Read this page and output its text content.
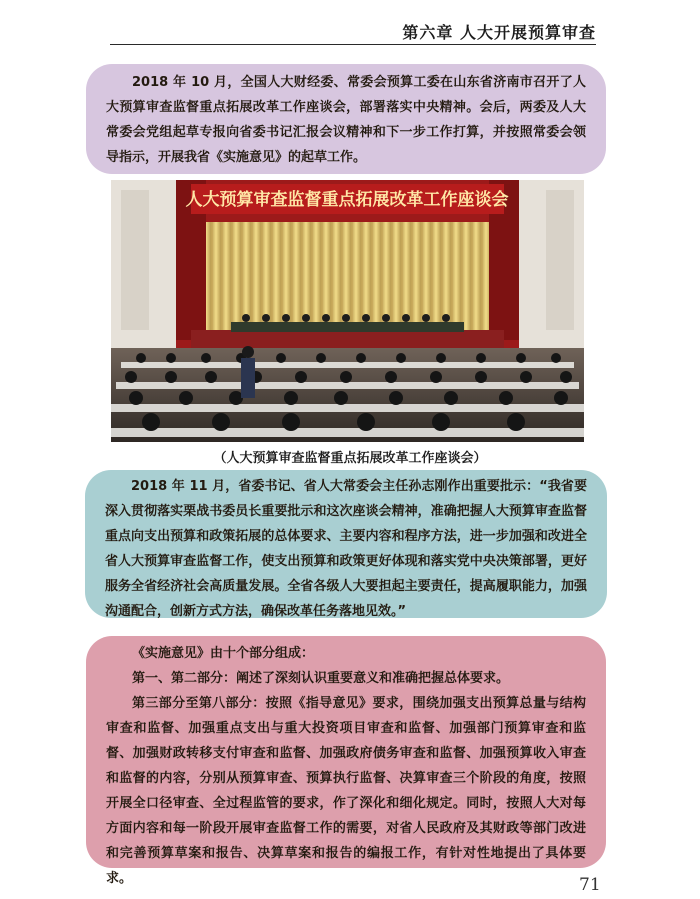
第六章 人大开展预算审查

2018 年 10 月，全国人大财经委、常委会预算工委在山东省济南市召开了人大预算审查监督重点拓展改革工作座谈会，部署落实中央精神。会后，两委及人大常委会党组起草专报向省委书记汇报会议精神和下一步工作打算，并按照常委会领导指示，开展我省《实施意见》的起草工作。

人大预算审查监督重点拓展改革工作座谈会
（人大预算审查监督重点拓展改革工作座谈会）

2018 年 11 月，省委书记、省人大常委会主任孙志刚作出重要批示：“我省要深入贯彻落实栗战书委员长重要批示和这次座谈会精神，准确把握人大预算审查监督重点向支出预算和政策拓展的总体要求、主要内容和程序方法，进一步加强和改进全省人大预算审查监督工作，使支出预算和政策更好体现和落实党中央决策部署，更好服务全省经济社会高质量发展。全省各级人大要担起主要责任，提高履职能力，加强沟通配合，创新方式方法，确保改革任务落地见效。”

《实施意见》由十个部分组成：

第一、第二部分：阐述了深刻认识重要意义和准确把握总体要求。

第三部分至第八部分：按照《指导意见》要求，围绕加强支出预算总量与结构审查和监督、加强重点支出与重大投资项目审查和监督、加强部门预算审查和监督、加强财政转移支付审查和监督、加强政府债务审查和监督、加强预算收入审查和监督的内容，分别从预算审查、预算执行监督、决算审查三个阶段的角度，按照开展全口径审查、全过程监管的要求，作了深化和细化规定。同时，按照人大对每方面内容和每一阶段开展审查监督工作的需要，对省人民政府及其财政等部门改进和完善预算草案和报告、决算草案和报告的编报工作，有针对性地提出了具体要求。	71
